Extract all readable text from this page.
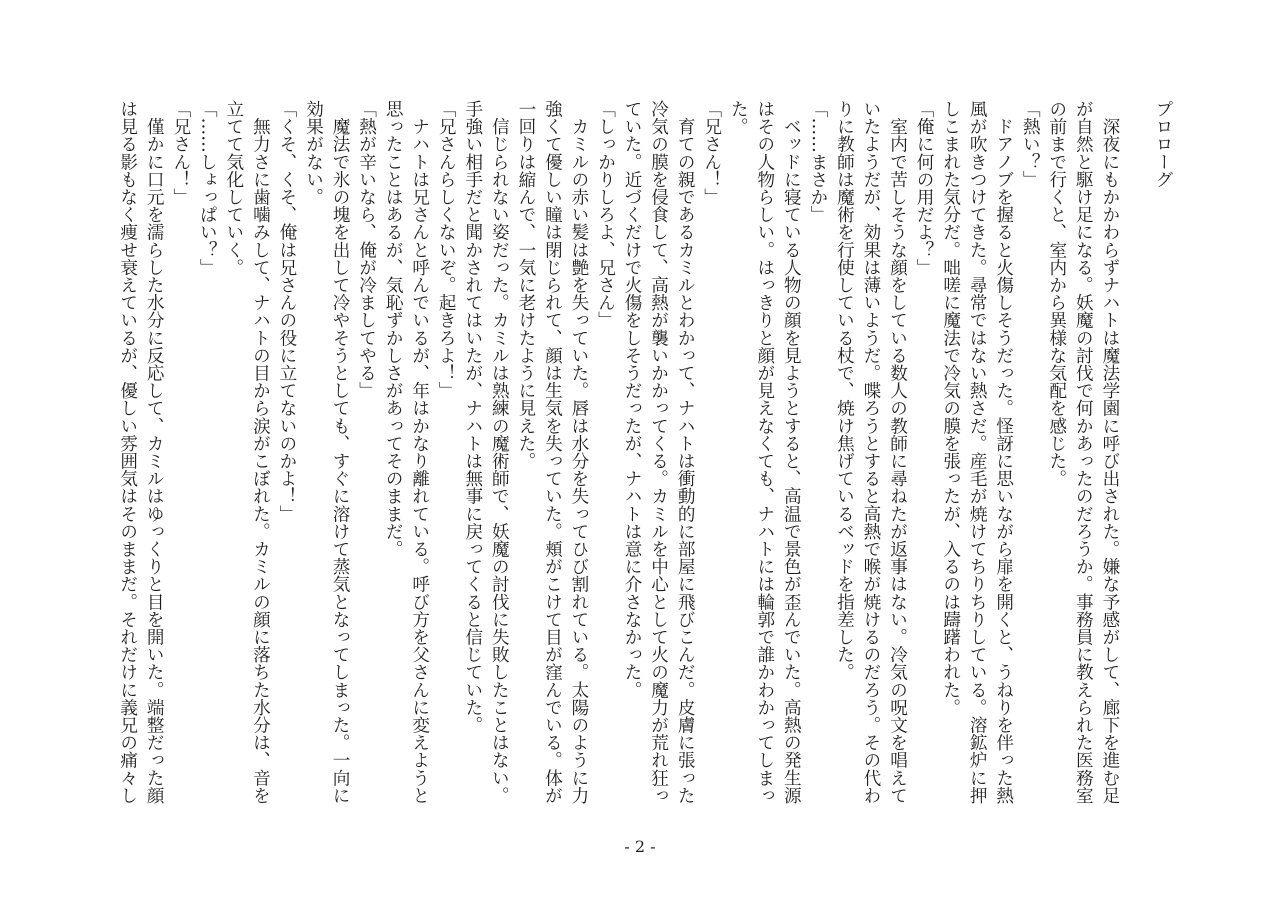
プロローグ
　深夜にもかかわらずナハトは魔法学園に呼び出された。嫌な予感がして、廊下を進む足
が自然と駆け足になる。妖魔の討伐で何かあったのだろうか。事務員に教えられた医務室
の前まで行くと、室内から異様な気配を感じた。
「熱い？」
　ドアノブを握ると火傷しそうだった。怪訝に思いながら扉を開くと、うねりを伴った熱
風が吹きつけてきた。尋常ではない熱さだ。産毛が焼けてちりちりしている。溶鉱炉に押
しこまれた気分だ。咄嗟に魔法で冷気の膜を張ったが、入るのは躊躇われた。
「俺に何の用だよ？」
　室内で苦しそうな顔をしている数人の教師に尋ねたが返事はない。冷気の呪文を唱えて
いたようだが、効果は薄いようだ。喋ろうとすると高熱で喉が焼けるのだろう。その代わ
りに教師は魔術を行使している杖で、焼け焦げているベッドを指差した。
「……まさか」
　ベッドに寝ている人物の顔を見ようとすると、高温で景色が歪んでいた。高熱の発生源
はその人物らしい。はっきりと顔が見えなくても、ナハトには輪郭で誰かわかってしまっ
た。
「兄さん！」
　育ての親であるカミルとわかって、ナハトは衝動的に部屋に飛びこんだ。皮膚に張った
冷気の膜を侵食して、高熱が襲いかかってくる。カミルを中心として火の魔力が荒れ狂っ
ていた。近づくだけで火傷をしそうだったが、ナハトは意に介さなかった。
「しっかりしろよ、兄さん」
　カミルの赤い髪は艶を失っていた。唇は水分を失ってひび割れている。太陽のように力
強くて優しい瞳は閉じられて、顔は生気を失っていた。頬がこけて目が窪んでいる。体が
一回りは縮んで、一気に老けたように見えた。
　信じられない姿だった。カミルは熟練の魔術師で、妖魔の討伐に失敗したことはない。
手強い相手だと聞かされてはいたが、ナハトは無事に戻ってくると信じていた。
「兄さんらしくないぞ。起きろよ！」
　ナハトは兄さんと呼んでいるが、年はかなり離れている。呼び方を父さんに変えようと
思ったことはあるが、気恥ずかしさがあってそのままだ。
「熱が辛いなら、俺が冷ましてやる」
　魔法で氷の塊を出して冷やそうとしても、すぐに溶けて蒸気となってしまった。一向に
効果がない。
「くそ、くそ、俺は兄さんの役に立てないのかよ！」
　無力さに歯噛みして、ナハトの目から涙がこぼれた。カミルの顔に落ちた水分は、音を
立てて気化していく。
「……しょっぱい？」
「兄さん！」
　僅かに口元を濡らした水分に反応して、カミルはゆっくりと目を開いた。端整だった顔
は見る影もなく痩せ衰えているが、優しい雰囲気はそのままだ。それだけに義兄の痛々し
- 2 -
